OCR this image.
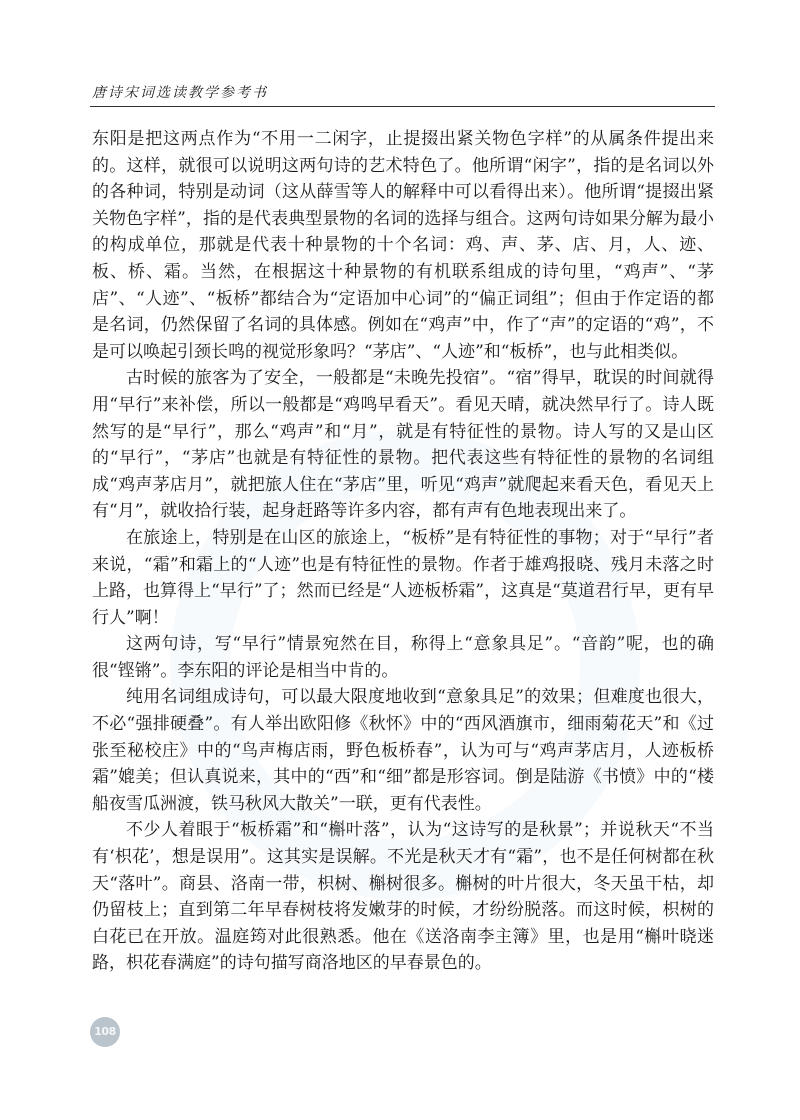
唐诗宋词选读教学参考书

东阳是把这两点作为“不用一二闲字，止提掇出紧关物色字样”的从属条件提出来的。这样，就很可以说明这两句诗的艺术特色了。他所谓“闲字”，指的是名词以外的各种词，特别是动词（这从薛雪等人的解释中可以看得出来）。他所谓“提掇出紧关物色字样”，指的是代表典型景物的名词的选择与组合。这两句诗如果分解为最小的构成单位，那就是代表十种景物的十个名词：鸡、声、茅、店、月，人、迹、板、桥、霜。当然，在根据这十种景物的有机联系组成的诗句里，“鸡声”、“茅店”、“人迹”、“板桥”都结合为“定语加中心词”的“偏正词组”；但由于作定语的都是名词，仍然保留了名词的具体感。例如在“鸡声”中，作了“声”的定语的“鸡”，不是可以唤起引颈长鸣的视觉形象吗？“茅店”、“人迹”和“板桥”，也与此相类似。

古时候的旅客为了安全，一般都是“未晚先投宿”。“宿”得早，耽误的时间就得用“早行”来补偿，所以一般都是“鸡鸣早看天”。看见天晴，就决然早行了。诗人既然写的是“早行”，那么“鸡声”和“月”，就是有特征性的景物。诗人写的又是山区的“早行”，“茅店”也就是有特征性的景物。把代表这些有特征性的景物的名词组成“鸡声茅店月”，就把旅人住在“茅店”里，听见“鸡声”就爬起来看天色，看见天上有“月”，就收拾行装，起身赶路等许多内容，都有声有色地表现出来了。

在旅途上，特别是在山区的旅途上，“板桥”是有特征性的事物；对于“早行”者来说，“霜”和霜上的“人迹”也是有特征性的景物。作者于雄鸡报晓、残月未落之时上路，也算得上“早行”了；然而已经是“人迹板桥霜”，这真是“莫道君行早，更有早行人”啊！

这两句诗，写“早行”情景宛然在目，称得上“意象具足”。“音韵”呢，也的确很“铿锵”。李东阳的评论是相当中肯的。

纯用名词组成诗句，可以最大限度地收到“意象具足”的效果；但难度也很大，不必“强排硬叠”。有人举出欧阳修《秋怀》中的“西风酒旗市，细雨菊花天”和《过张至秘校庄》中的“鸟声梅店雨，野色板桥春”，认为可与“鸡声茅店月，人迹板桥霜”媲美；但认真说来，其中的“西”和“细”都是形容词。倒是陆游《书愤》中的“楼船夜雪瓜洲渡，铁马秋风大散关”一联，更有代表性。

不少人着眼于“板桥霜”和“槲叶落”，认为“这诗写的是秋景”；并说秋天“不当有‘枳花’，想是误用”。这其实是误解。不光是秋天才有“霜”，也不是任何树都在秋天“落叶”。商县、洛南一带，枳树、槲树很多。槲树的叶片很大，冬天虽干枯，却仍留枝上；直到第二年早春树枝将发嫩芽的时候，才纷纷脱落。而这时候，枳树的白花已在开放。温庭筠对此很熟悉。他在《送洛南李主簿》里，也是用“槲叶晓迷路，枳花春满庭”的诗句描写商洛地区的早春景色的。

108
